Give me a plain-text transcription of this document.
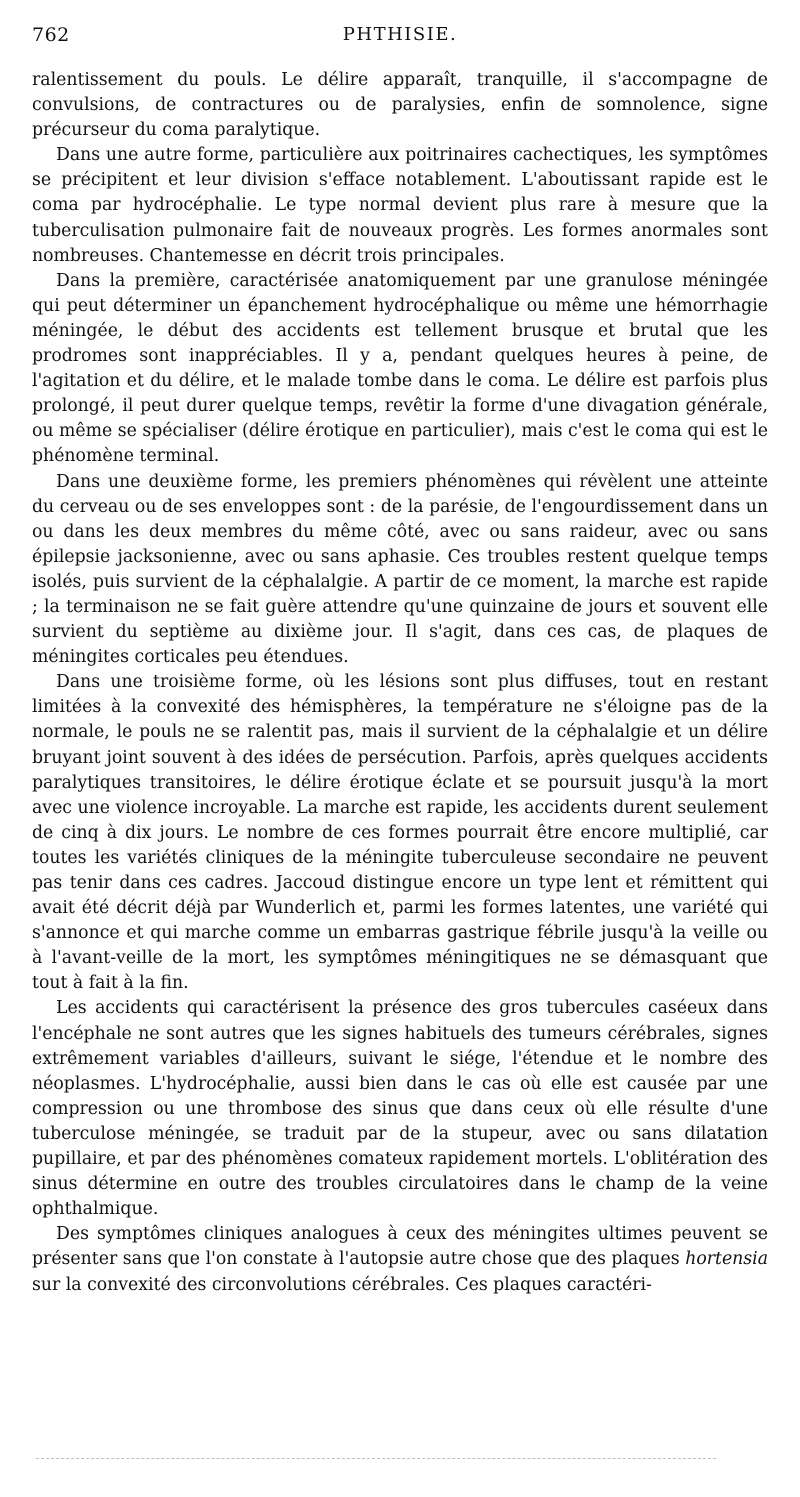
762	PHTHISIE.

ralentissement du pouls. Le délire apparaît, tranquille, il s'accompagne de convulsions, de contractures ou de paralysies, enfin de somnolence, signe précurseur du coma paralytique.

Dans une autre forme, particulière aux poitrinaires cachectiques, les symptômes se précipitent et leur division s'efface notablement. L'aboutissant rapide est le coma par hydrocéphalie. Le type normal devient plus rare à mesure que la tuberculisation pulmonaire fait de nouveaux progrès. Les formes anormales sont nombreuses. Chantemesse en décrit trois principales.

Dans la première, caractérisée anatomiquement par une granulose méningée qui peut déterminer un épanchement hydrocéphalique ou même une hémorrhagie méningée, le début des accidents est tellement brusque et brutal que les prodromes sont inappréciables. Il y a, pendant quelques heures à peine, de l'agitation et du délire, et le malade tombe dans le coma. Le délire est parfois plus prolongé, il peut durer quelque temps, revêtir la forme d'une divagation générale, ou même se spécialiser (délire érotique en particulier), mais c'est le coma qui est le phénomène terminal.

Dans une deuxième forme, les premiers phénomènes qui révèlent une atteinte du cerveau ou de ses enveloppes sont : de la parésie, de l'engourdissement dans un ou dans les deux membres du même côté, avec ou sans raideur, avec ou sans épilepsie jacksonienne, avec ou sans aphasie. Ces troubles restent quelque temps isolés, puis survient de la céphalalgie. A partir de ce moment, la marche est rapide ; la terminaison ne se fait guère attendre qu'une quinzaine de jours et souvent elle survient du septième au dixième jour. Il s'agit, dans ces cas, de plaques de méningites corticales peu étendues.

Dans une troisième forme, où les lésions sont plus diffuses, tout en restant limitées à la convexité des hémisphères, la température ne s'éloigne pas de la normale, le pouls ne se ralentit pas, mais il survient de la céphalalgie et un délire bruyant joint souvent à des idées de persécution. Parfois, après quelques accidents paralytiques transitoires, le délire érotique éclate et se poursuit jusqu'à la mort avec une violence incroyable. La marche est rapide, les accidents durent seulement de cinq à dix jours. Le nombre de ces formes pourrait être encore multiplié, car toutes les variétés cliniques de la méningite tuberculeuse secondaire ne peuvent pas tenir dans ces cadres. Jaccoud distingue encore un type lent et rémittent qui avait été décrit déjà par Wunderlich et, parmi les formes latentes, une variété qui s'annonce et qui marche comme un embarras gastrique fébrile jusqu'à la veille ou à l'avant-veille de la mort, les symptômes méningitiques ne se démasquant que tout à fait à la fin.

Les accidents qui caractérisent la présence des gros tubercules caséeux dans l'encéphale ne sont autres que les signes habituels des tumeurs cérébrales, signes extrêmement variables d'ailleurs, suivant le siége, l'étendue et le nombre des néoplasmes. L'hydrocéphalie, aussi bien dans le cas où elle est causée par une compression ou une thrombose des sinus que dans ceux où elle résulte d'une tuberculose méningée, se traduit par de la stupeur, avec ou sans dilatation pupillaire, et par des phénomènes comateux rapidement mortels. L'oblitération des sinus détermine en outre des troubles circulatoires dans le champ de la veine ophthalmique.

Des symptômes cliniques analogues à ceux des méningites ultimes peuvent se présenter sans que l'on constate à l'autopsie autre chose que des plaques hortensia sur la convexité des circonvolutions cérébrales. Ces plaques caractéri-
